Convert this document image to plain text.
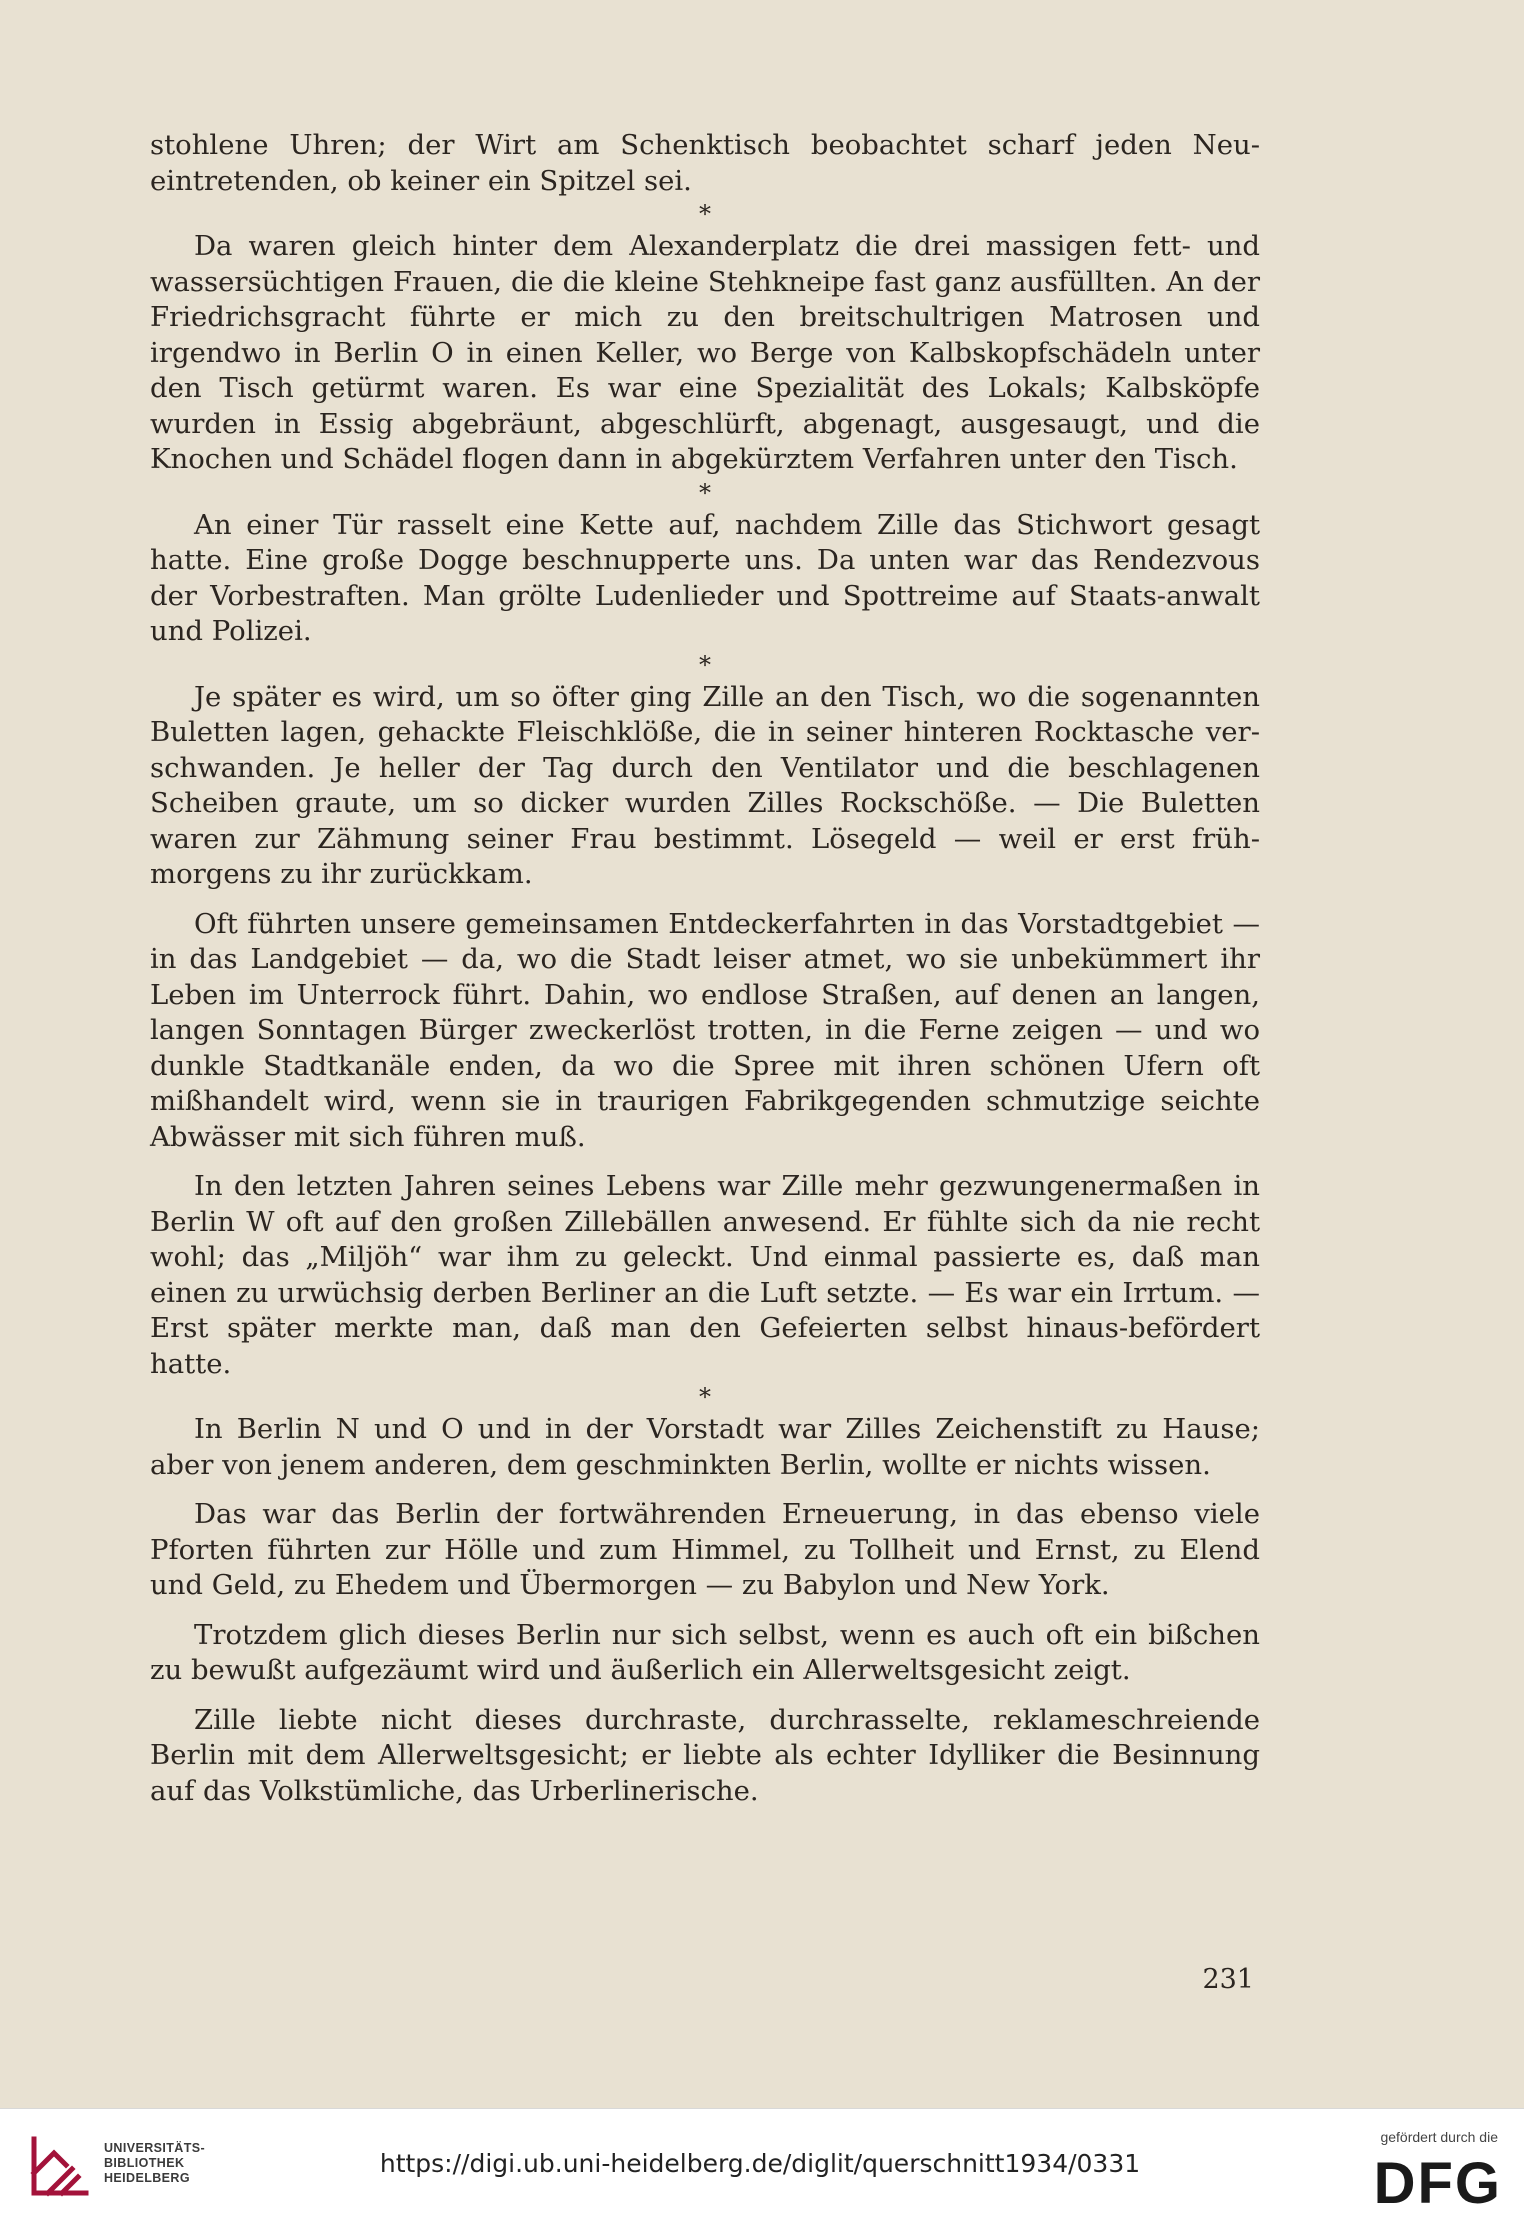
stohlene Uhren; der Wirt am Schenktisch beobachtet scharf jeden Neu-eintretenden, ob keiner ein Spitzel sei.

*

Da waren gleich hinter dem Alexanderplatz die drei massigen fett- und wassersüchtigen Frauen, die die kleine Stehkneipe fast ganz ausfüllten. An der Friedrichsgracht führte er mich zu den breitschultrigen Matrosen und irgendwo in Berlin O in einen Keller, wo Berge von Kalbskopfschädeln unter den Tisch getürmt waren. Es war eine Spezialität des Lokals; Kalbsköpfe wurden in Essig abgebräunt, abgeschlürft, abgenagt, ausgesaugt, und die Knochen und Schädel flogen dann in abgekürztem Verfahren unter den Tisch.

*

An einer Tür rasselt eine Kette auf, nachdem Zille das Stichwort gesagt hatte. Eine große Dogge beschnupperte uns. Da unten war das Rendezvous der Vorbestraften. Man grölte Ludenlieder und Spottreime auf Staats-anwalt und Polizei.

*

Je später es wird, um so öfter ging Zille an den Tisch, wo die sogenannten Buletten lagen, gehackte Fleischklöße, die in seiner hinteren Rocktasche ver-schwanden. Je heller der Tag durch den Ventilator und die beschlagenen Scheiben graute, um so dicker wurden Zilles Rockschöße. — Die Buletten waren zur Zähmung seiner Frau bestimmt. Lösegeld — weil er erst früh-morgens zu ihr zurückkam.

Oft führten unsere gemeinsamen Entdeckerfahrten in das Vorstadtgebiet — in das Landgebiet — da, wo die Stadt leiser atmet, wo sie unbekümmert ihr Leben im Unterrock führt. Dahin, wo endlose Straßen, auf denen an langen, langen Sonntagen Bürger zweckerlöst trotten, in die Ferne zeigen — und wo dunkle Stadtkanäle enden, da wo die Spree mit ihren schönen Ufern oft mißhandelt wird, wenn sie in traurigen Fabrikgegenden schmutzige seichte Abwässer mit sich führen muß.

In den letzten Jahren seines Lebens war Zille mehr gezwungenermaßen in Berlin W oft auf den großen Zillebällen anwesend. Er fühlte sich da nie recht wohl; das „Miljöh“ war ihm zu geleckt. Und einmal passierte es, daß man einen zu urwüchsig derben Berliner an die Luft setzte. — Es war ein Irrtum. — Erst später merkte man, daß man den Gefeierten selbst hinaus-befördert hatte.

*

In Berlin N und O und in der Vorstadt war Zilles Zeichenstift zu Hause; aber von jenem anderen, dem geschminkten Berlin, wollte er nichts wissen.

Das war das Berlin der fortwährenden Erneuerung, in das ebenso viele Pforten führten zur Hölle und zum Himmel, zu Tollheit und Ernst, zu Elend und Geld, zu Ehedem und Übermorgen — zu Babylon und New York.

Trotzdem glich dieses Berlin nur sich selbst, wenn es auch oft ein bißchen zu bewußt aufgezäumt wird und äußerlich ein Allerweltsgesicht zeigt.

Zille liebte nicht dieses durchraste, durchrasselte, reklameschreiende Berlin mit dem Allerweltsgesicht; er liebte als echter Idylliker die Besinnung auf das Volkstümliche, das Urberlinerische.

231
UNIVERSITÄTS-
BIBLIOTHEK
HEIDELBERG	https://digi.ub.uni-heidelberg.de/diglit/querschnitt1934/0331
gefördert durch die
DFG
